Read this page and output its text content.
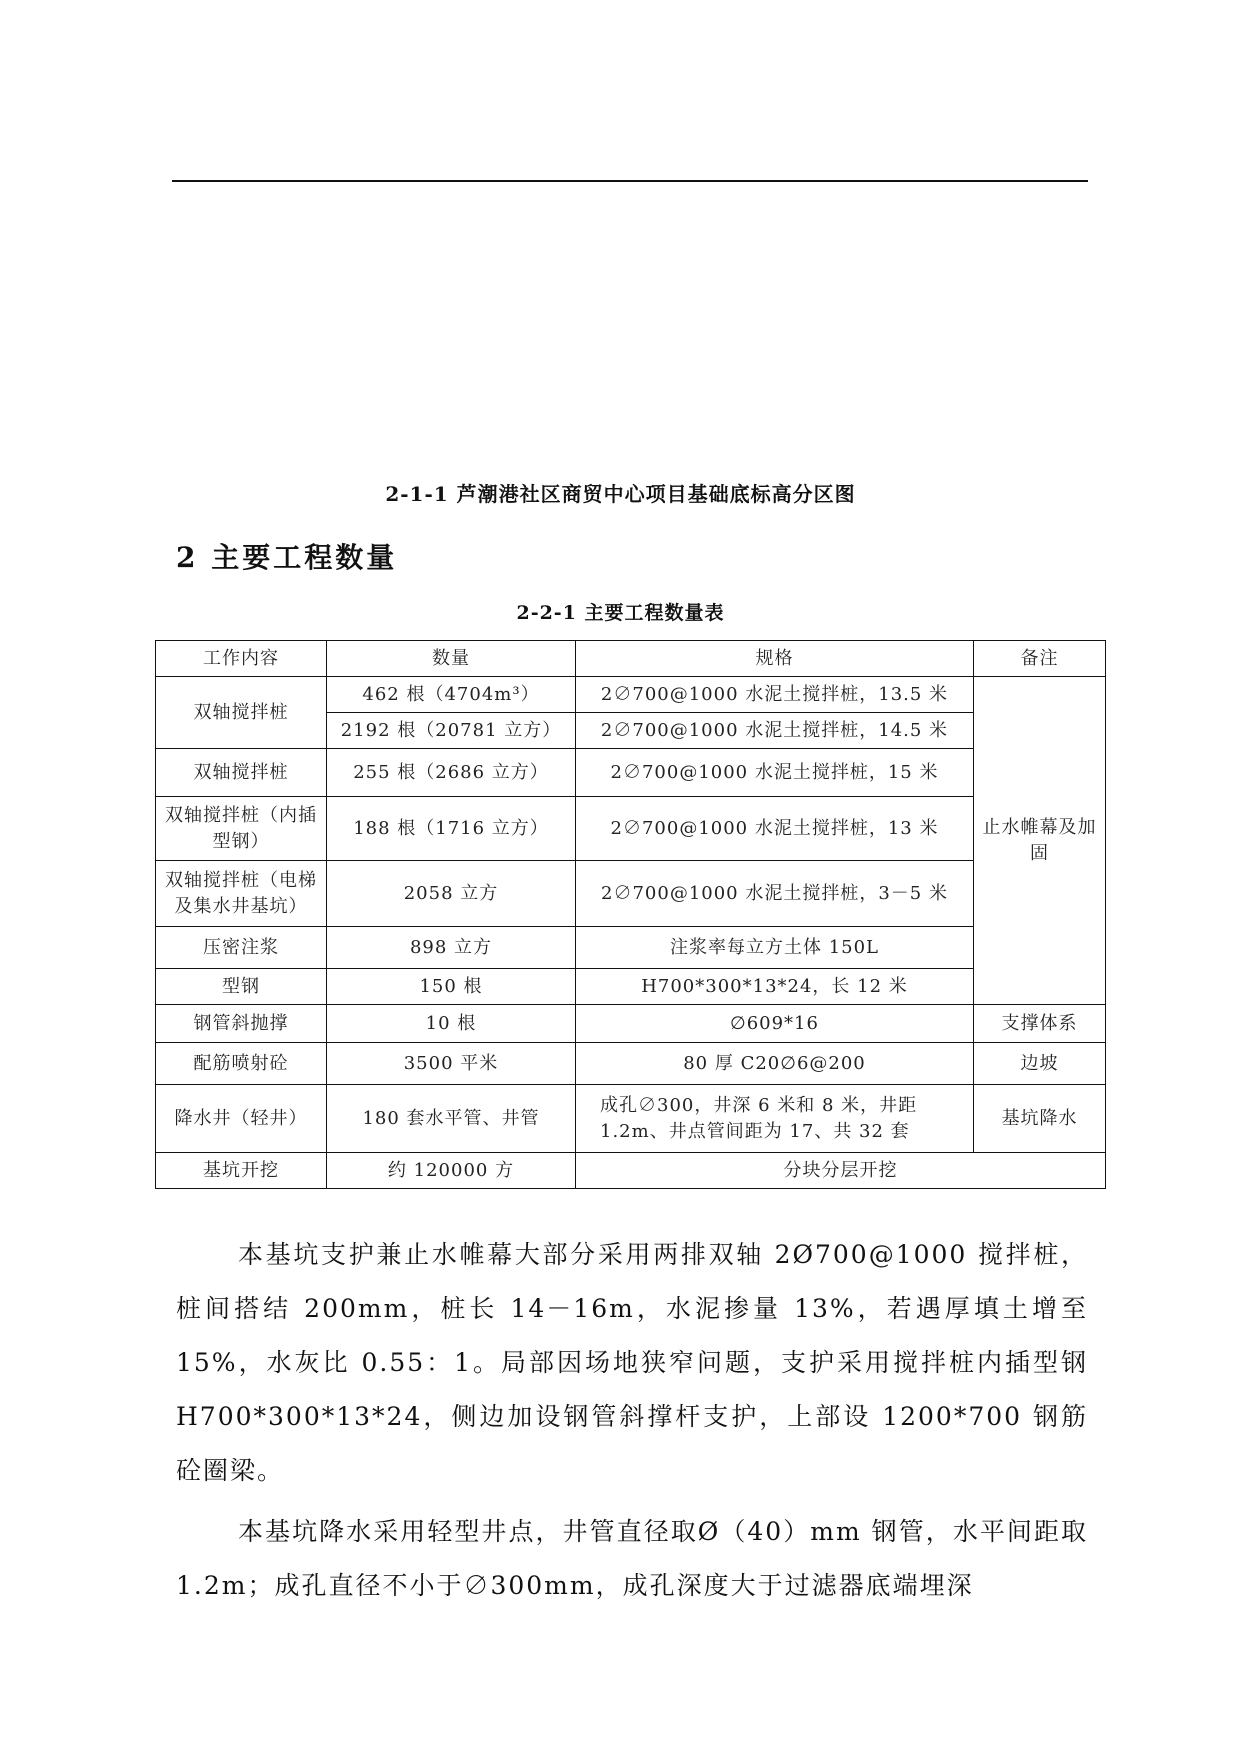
2-1-1 芦潮港社区商贸中心项目基础底标高分区图
2 主要工程数量
2-2-1 主要工程数量表
工作内容	数量	规格	备注
双轴搅拌桩	462 根（4704m³）	2∅700@1000 水泥土搅拌桩，13.5 米	止水帷幕及加固
	2192 根（20781 立方）	2∅700@1000 水泥土搅拌桩，14.5 米	
双轴搅拌桩	255 根（2686 立方）	2∅700@1000 水泥土搅拌桩，15 米	
双轴搅拌桩（内插型钢）	188 根（1716 立方）	2∅700@1000 水泥土搅拌桩，13 米	
双轴搅拌桩（电梯及集水井基坑）	2058 立方	2∅700@1000 水泥土搅拌桩，3－5 米	
压密注浆	898 立方	注浆率每立方土体 150L	
型钢	150 根	H700*300*13*24，长 12 米	
钢管斜抛撑	10 根	∅609*16	支撑体系
配筋喷射砼	3500 平米	80 厚 C20∅6@200	边坡
降水井（轻井）	180 套水平管、井管	成孔∅300，井深 6 米和 8 米，井距 1.2m、井点管间距为 17、共 32 套	基坑降水
基坑开挖	约 120000 方	分块分层开挖	

本基坑支护兼止水帷幕大部分采用两排双轴 2Ø700@1000 搅拌桩，桩间搭结 200mm，桩长 14－16m，水泥掺量 13%，若遇厚填土增至 15%，水灰比 0.55：1。局部因场地狭窄问题，支护采用搅拌桩内插型钢 H700*300*13*24，侧边加设钢管斜撑杆支护，上部设 1200*700 钢筋砼圈梁。

本基坑降水采用轻型井点，井管直径取Ø（40）mm 钢管，水平间距取 1.2m；成孔直径不小于∅300mm，成孔深度大于过滤器底端埋深
